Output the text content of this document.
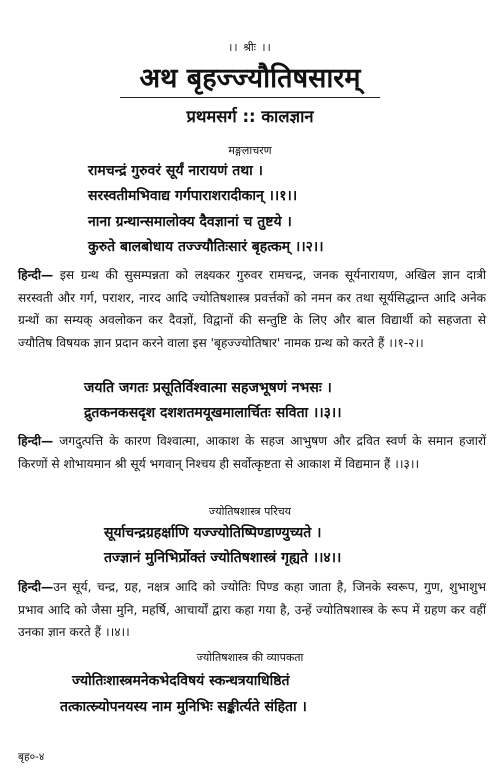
।। श्रीः ।।
अथ बृहज्ज्यौतिषसारम्
प्रथमसर्ग :: कालज्ञान
मङ्गलाचरण
रामचन्द्रं गुरुवरं सूर्यं नारायणं तथा ।
सरस्वतीमभिवाद्य गर्गपाराशरादीकान् ।।१।।
नाना ग्रन्थान्समालोक्य दैवज्ञानां च तुष्टये ।
कुरुते बालबोधाय तज्ज्यौतिःसारं बृहत्कम् ।।२।।
हिन्दी— इस ग्रन्थ की सुसम्पन्नता को लक्ष्यकर गुरुवर रामचन्द्र, जनक सूर्यनारायण, अखिल ज्ञान दात्री सरस्वती और गर्ग, पराशर, नारद आदि ज्योतिषशास्त्र प्रवर्त्तकों को नमन कर तथा सूर्यसिद्धान्त आदि अनेक ग्रन्थों का सम्यक् अवलोकन कर दैवज्ञों, विद्वानों की सन्तुष्टि के लिए और बाल विद्यार्थी को सहजता से ज्यौतिष विषयक ज्ञान प्रदान करने वाला इस 'बृहज्ज्योतिषार' नामक ग्रन्थ को करते हैं ।।१-२।।
जयति जगतः प्रसूतिर्विश्वात्मा सहजभूषणं नभसः ।
द्रुतकनकसदृश दशशतमयूखमालार्चितः सविता ।।३।।
हिन्दी— जगदुत्पत्ति के कारण विश्वात्मा, आकाश के सहज आभुषण और द्रवित स्वर्ण के समान हजारों किरणों से शोभायमान श्री सूर्य भगवान् निश्चय ही सर्वोत्कृष्टता से आकाश में विद्यमान हैं ।।३।।
ज्योतिषशास्त्र परिचय
सूर्याचन्द्रग्रहर्क्षाणि यज्ज्योतिष्पिण्डाण्युच्यते ।
तज्ज्ञानं मुनिभिर्प्रोक्तं ज्योतिषशास्त्रं गृह्यते ।।४।।
हिन्दी—उन सूर्य, चन्द्र, ग्रह, नक्षत्र आदि को ज्योतिः पिण्ड कहा जाता है, जिनके स्वरूप, गुण, शुभाशुभ प्रभाव आदि को जैसा मुनि, महर्षि, आचार्यों द्वारा कहा गया है, उन्हें ज्योतिषशास्त्र के रूप में ग्रहण कर वहीं उनका ज्ञान करते हैं ।।४।।
ज्योतिषशास्त्र की व्यापकता
ज्योतिःशास्त्रमनेकभेदविषयं स्कन्धत्रयाधिष्ठितं
तत्कात्स्र्योपनयस्य नाम मुनिभिः सङ्कीर्त्यते संहिता ।
बृह०-४
